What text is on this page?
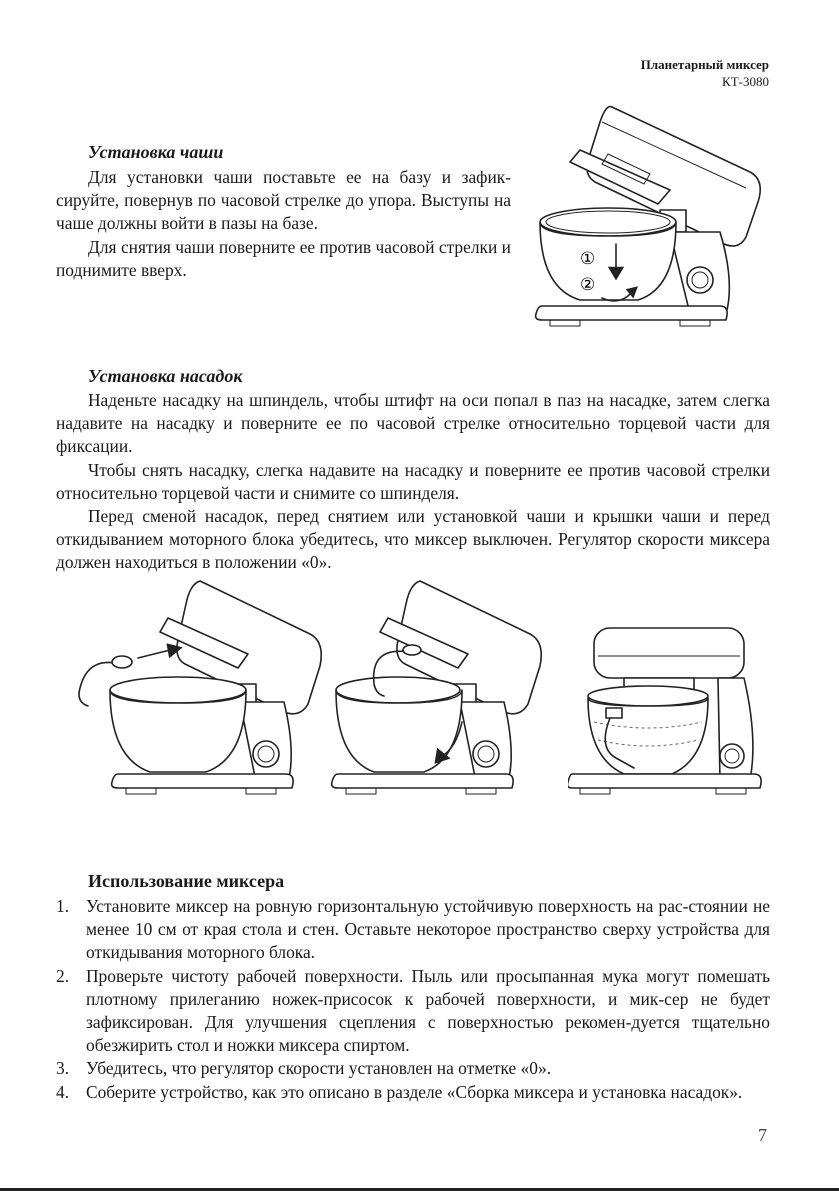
Планетарный миксер
КТ-3080
Установка чаши

Для установки чаши поставьте ее на базу и зафик-сируйте, повернув по часовой стрелке до упора. Выступы на чаше должны войти в пазы на базе.

Для снятия чаши поверните ее против часовой стрелки и поднимите вверх.

①
②
Установка насадок

Наденьте насадку на шпиндель, чтобы штифт на оси попал в паз на насадке, затем слегка надавите на насадку и поверните ее по часовой стрелке относительно торцевой части для фиксации.

Чтобы снять насадку, слегка надавите на насадку и поверните ее против часовой стрелки относительно торцевой части и снимите со шпинделя.

Перед сменой насадок, перед снятием или установкой чаши и крышки чаши и перед откидыванием моторного блока убедитесь, что миксер выключен. Регулятор скорости миксера должен находиться в положении «0».

Использование миксера
1. Установите миксер на ровную горизонтальную устойчивую поверхность на рас-стоянии не менее 10 см от края стола и стен. Оставьте некоторое пространство сверху устройства для откидывания моторного блока.
2. Проверьте чистоту рабочей поверхности. Пыль или просыпанная мука могут помешать плотному прилеганию ножек-присосок к рабочей поверхности, и мик-сер не будет зафиксирован. Для улучшения сцепления с поверхностью рекомен-дуется тщательно обезжирить стол и ножки миксера спиртом.
3. Убедитесь, что регулятор скорости установлен на отметке «0».
4. Соберите устройство, как это описано в разделе «Сборка миксера и установка насадок».
7
